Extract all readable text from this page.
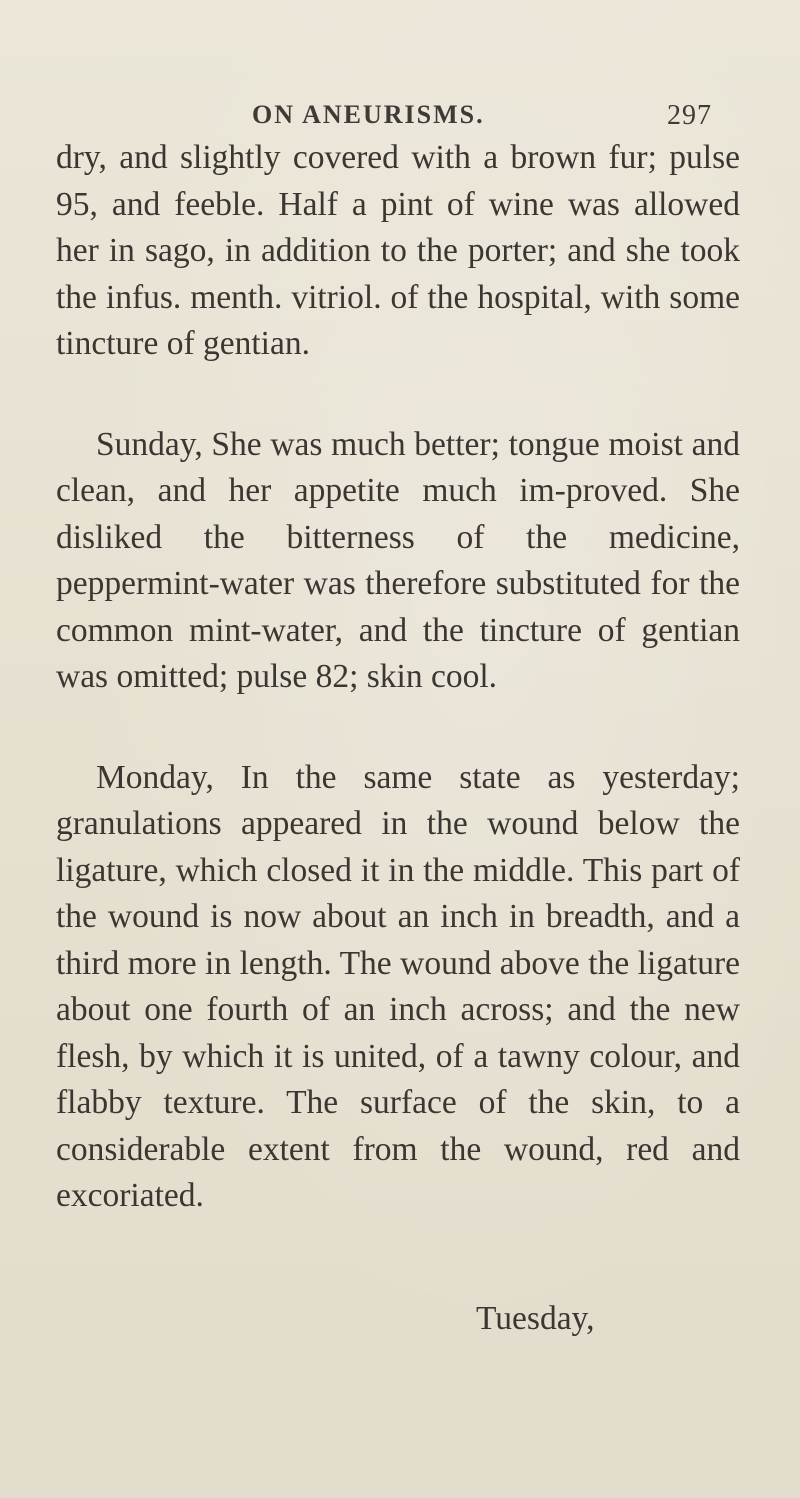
ON ANEURISMS.	297

dry, and slightly covered with a brown fur; pulse 95, and feeble. Half a pint of wine was allowed her in sago, in addition to the porter; and she took the infus. menth. vitriol. of the hospital, with some tincture of gentian.

Sunday, She was much better; tongue moist and clean, and her appetite much im-proved. She disliked the bitterness of the medicine, peppermint-water was therefore substituted for the common mint-water, and the tincture of gentian was omitted; pulse 82; skin cool.

Monday, In the same state as yesterday; granulations appeared in the wound below the ligature, which closed it in the middle. This part of the wound is now about an inch in breadth, and a third more in length. The wound above the ligature about one fourth of an inch across; and the new flesh, by which it is united, of a tawny colour, and flabby texture. The surface of the skin, to a considerable extent from the wound, red and excoriated.

Tuesday,
